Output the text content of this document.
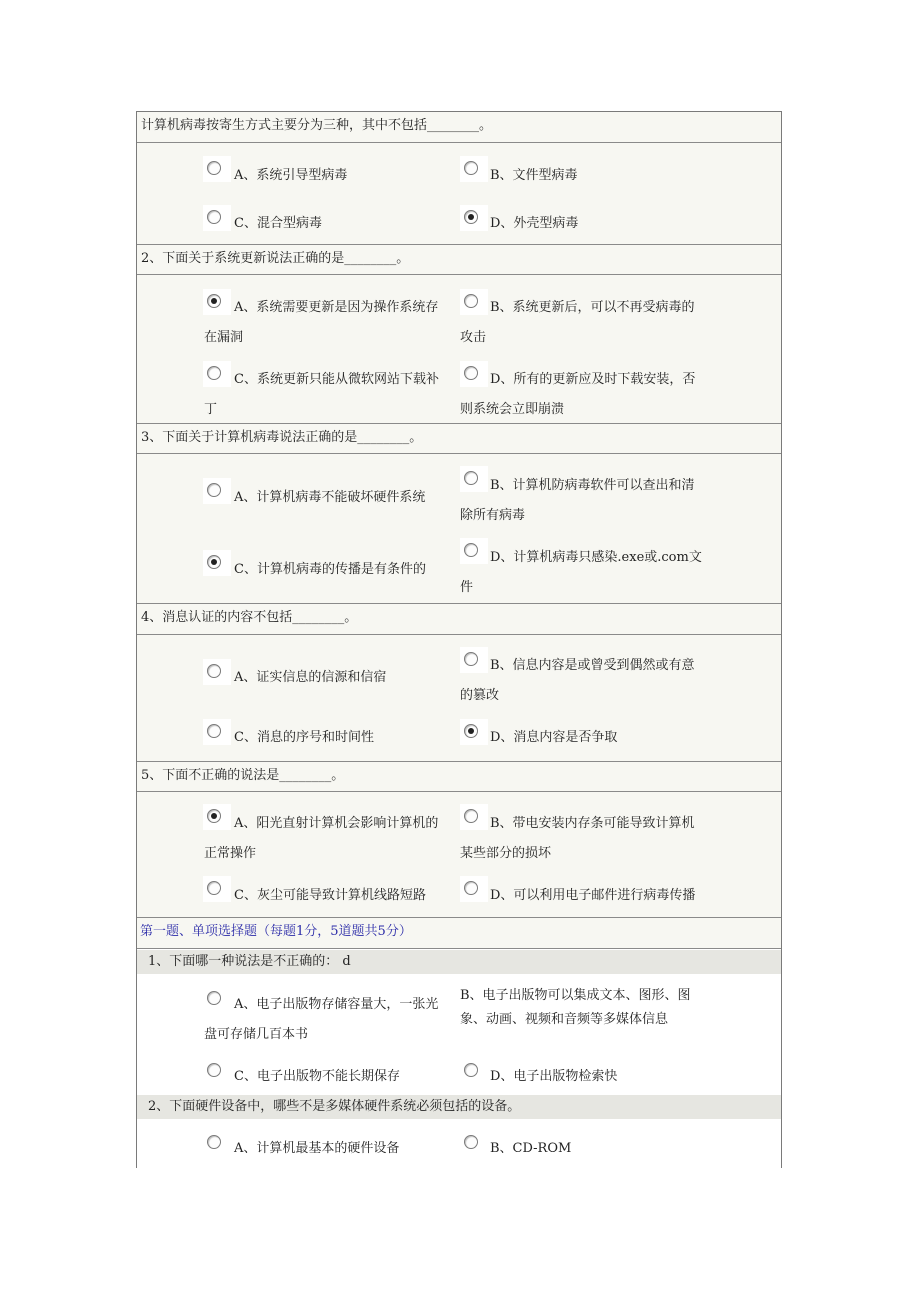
计算机病毒按寄生方式主要分为三种，其中不包括________。
A、系统引导型病毒	B、文件型病毒
C、混合型病毒	D、外壳型病毒
2、下面关于系统更新说法正确的是________。
A、系统需要更新是因为操作系统存
在漏洞
B、系统更新后，可以不再受病毒的
攻击
C、系统更新只能从微软网站下载补
丁
D、所有的更新应及时下载安装，否
则系统会立即崩溃
3、下面关于计算机病毒说法正确的是________。
A、计算机病毒不能破坏硬件系统
B、计算机防病毒软件可以查出和清
除所有病毒
C、计算机病毒的传播是有条件的
D、计算机病毒只感染.exe或.com文
件
4、消息认证的内容不包括________。
A、证实信息的信源和信宿
B、信息内容是或曾受到偶然或有意
的篡改
C、消息的序号和时间性	D、消息内容是否争取
5、下面不正确的说法是________。
A、阳光直射计算机会影响计算机的
正常操作
B、带电安装内存条可能导致计算机
某些部分的损坏
C、灰尘可能导致计算机线路短路	D、可以利用电子邮件进行病毒传播
第一题、单项选择题（每题1分，5道题共5分）
1、下面哪一种说法是不正确的： d
A、电子出版物存储容量大，一张光
盘可存储几百本书
B、电子出版物可以集成文本、图形、图
象、动画、视频和音频等多媒体信息
C、电子出版物不能长期保存	D、电子出版物检索快
2、下面硬件设备中，哪些不是多媒体硬件系统必须包括的设备。
A、计算机最基本的硬件设备	B、CD-ROM
